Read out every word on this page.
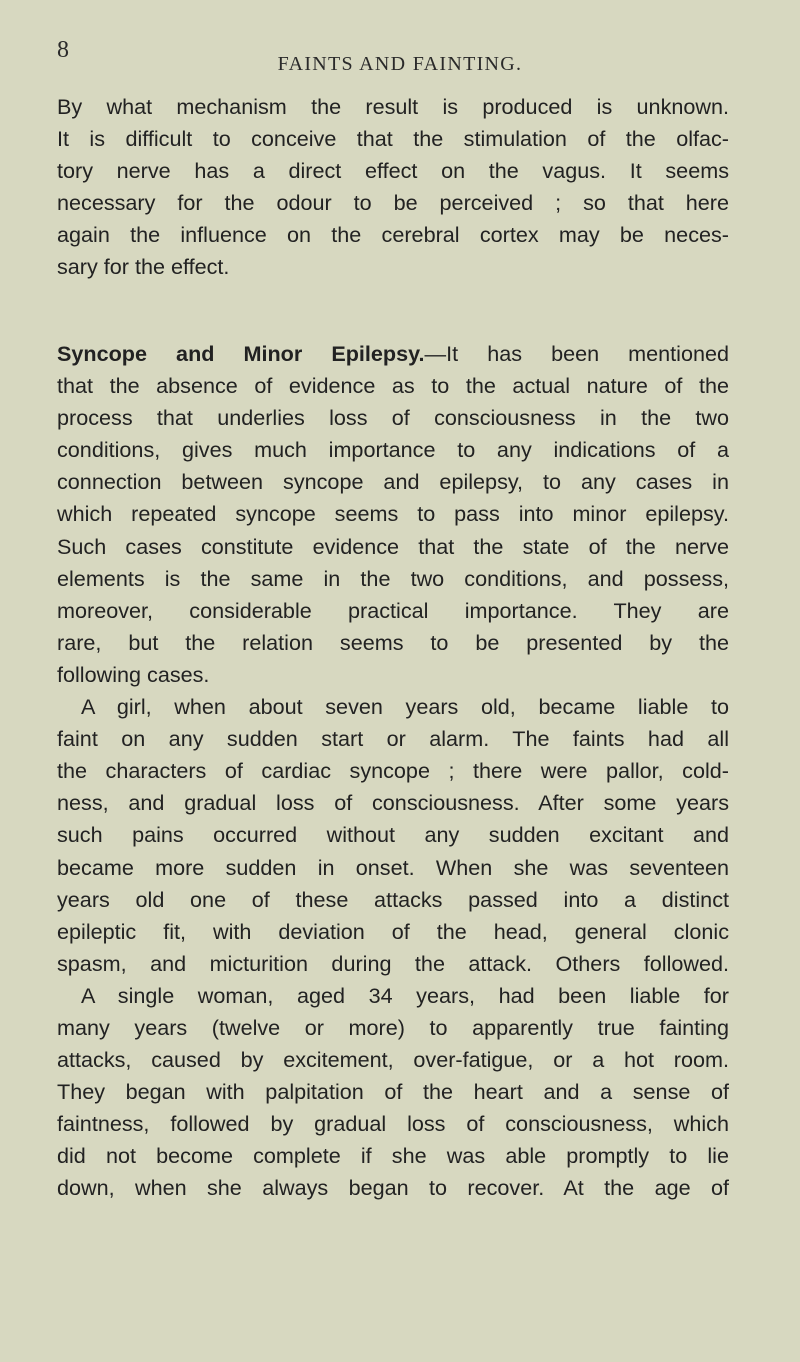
8
FAINTS AND FAINTING.
By what mechanism the result is produced is unknown.
It is difficult to conceive that the stimulation of the olfac-
tory nerve has a direct effect on the vagus. It seems
necessary for the odour to be perceived ; so that here
again the influence on the cerebral cortex may be neces-
sary for the effect.
Syncope and Minor Epilepsy.—It has been mentioned
that the absence of evidence as to the actual nature of the
process that underlies loss of consciousness in the two
conditions, gives much importance to any indications of a
connection between syncope and epilepsy, to any cases in
which repeated syncope seems to pass into minor epilepsy.
Such cases constitute evidence that the state of the nerve
elements is the same in the two conditions, and possess,
moreover, considerable practical importance. They are
rare, but the relation seems to be presented by the
following cases.
A girl, when about seven years old, became liable to
faint on any sudden start or alarm. The faints had all
the characters of cardiac syncope ; there were pallor, cold-
ness, and gradual loss of consciousness. After some years
such pains occurred without any sudden excitant and
became more sudden in onset. When she was seventeen
years old one of these attacks passed into a distinct
epileptic fit, with deviation of the head, general clonic
spasm, and micturition during the attack. Others followed.
A single woman, aged 34 years, had been liable for
many years (twelve or more) to apparently true fainting
attacks, caused by excitement, over-fatigue, or a hot room.
They began with palpitation of the heart and a sense of
faintness, followed by gradual loss of consciousness, which
did not become complete if she was able promptly to lie
down, when she always began to recover. At the age of
